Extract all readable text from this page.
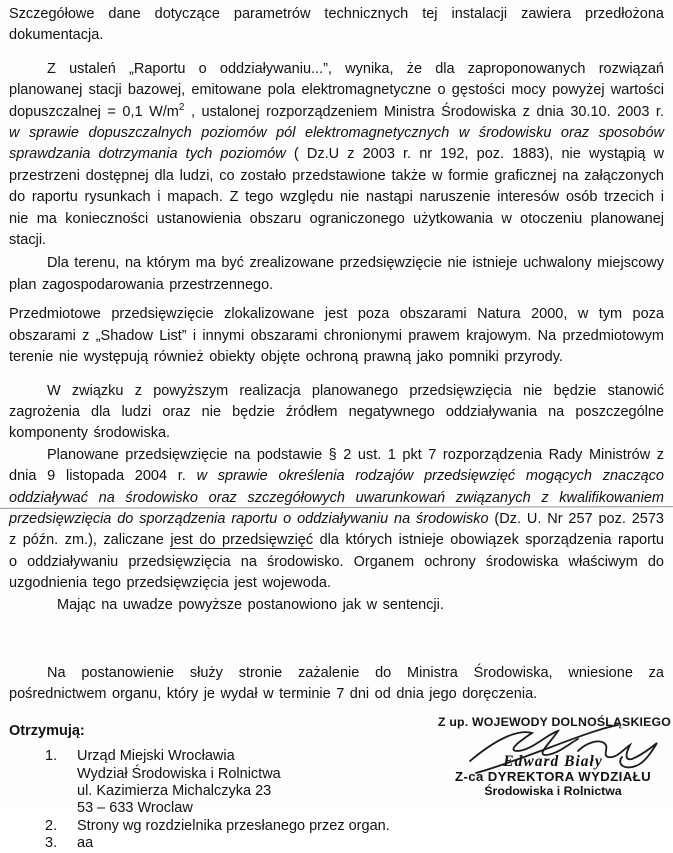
Szczegółowe dane dotyczące parametrów technicznych tej instalacji zawiera przedłożona dokumentacja.

Z ustaleń „Raportu o oddziaływaniu...”, wynika, że dla zaproponowanych rozwiązań planowanej stacji bazowej, emitowane pola elektromagnetyczne o gęstości mocy powyżej wartości dopuszczalnej = 0,1 $W/m^2$ , ustalonej rozporządzeniem Ministra Środowiska z dnia 30.10. 2003 r. w sprawie dopuszczalnych poziomów pól elektromagnetycznych w środowisku oraz sposobów sprawdzania dotrzymania tych poziomów ( Dz.U z 2003 r. nr 192, poz. 1883), nie wystąpią w przestrzeni dostępnej dla ludzi, co zostało przedstawione także w formie graficznej na załączonych do raportu rysunkach i mapach. Z tego względu nie nastąpi naruszenie interesów osób trzecich i nie ma konieczności ustanowienia obszaru ograniczonego użytkowania w otoczeniu planowanej stacji.

Dla terenu, na którym ma być zrealizowane przedsięwzięcie nie istnieje uchwalony miejscowy plan zagospodarowania przestrzennego.

Przedmiotowe przedsięwzięcie zlokalizowane jest poza obszarami Natura 2000, w tym poza obszarami z „Shadow List” i innymi obszarami chronionymi prawem krajowym. Na przedmiotowym terenie nie występują również obiekty objęte ochroną prawną jako pomniki przyrody.

W związku z powyższym realizacja planowanego przedsięwzięcia nie będzie stanowić zagrożenia dla ludzi oraz nie będzie źródłem negatywnego oddziaływania na poszczególne komponenty środowiska.

Planowane przedsięwzięcie na podstawie § 2 ust. 1 pkt 7 rozporządzenia Rady Ministrów z dnia 9 listopada 2004 r. w sprawie określenia rodzajów przedsięwzięć mogących znacząco oddziaływać na środowisko oraz szczegółowych uwarunkowań związanych z kwalifikowaniem przedsięwzięcia do sporządzenia raportu o oddziaływaniu na środowisko (Dz. U. Nr 257 poz. 2573 z późn. zm.), zaliczane jest do przedsięwzięć dla których istnieje obowiązek sporządzenia raportu o oddziaływaniu przedsięwzięcia na środowisko. Organem ochrony środowiska właściwym do uzgodnienia tego przedsięwzięcia jest wojewoda.

Mając na uwadze powyższe postanowiono jak w sentencji.

Na postanowienie służy stronie zażalenie do Ministra Środowiska, wniesione za pośrednictwem organu, który je wydał w terminie 7 dni od dnia jego doręczenia.

Otrzymują:
1.	Urząd Miejski Wrocławia
Wydział Środowiska i Rolnictwa
ul. Kazimierza Michalczyka 23
53 – 633 Wroclaw
2.	Strony wg rozdzielnika przesłanego przez organ.
3.	aa
Z up. WOJEWODY DOLNOŚLĄSKIEGO
Edward Biały
Z-ca DYREKTORA WYDZIAŁU
Środowiska i Rolnictwa
